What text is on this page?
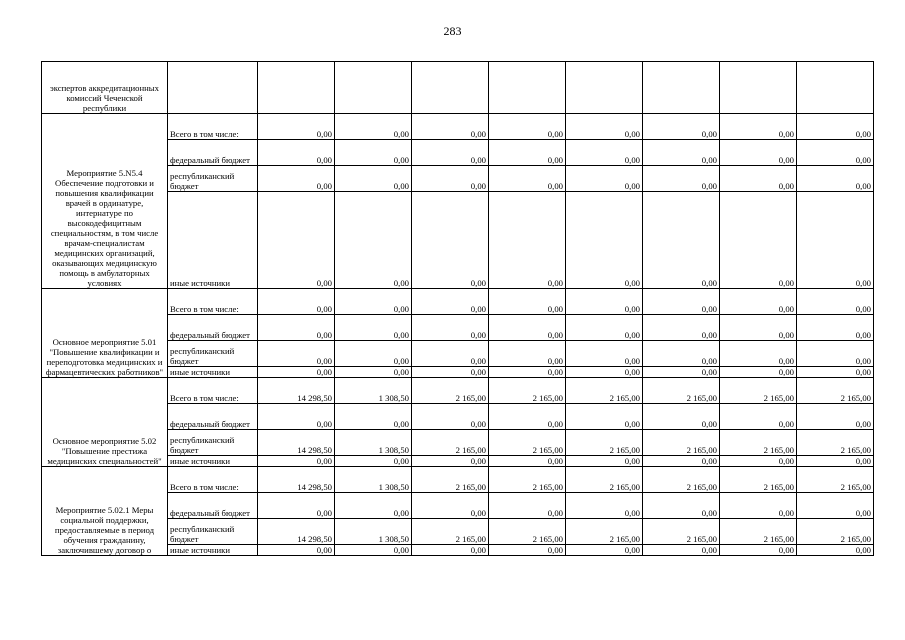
283
экспертов аккредитационных комиссий Чеченской республики									
Мероприятие 5.N5.4 Обеспечение подготовки и повышения квалификации врачей в ординатуре, интернатуре по высокодефицитным специальностям, в том числе врачам-специалистам медицинских организаций, оказывающих медицинскую помощь в амбулаторных условиях	Всего в том числе:	0,00	0,00	0,00	0,00	0,00	0,00	0,00	0,00
	федеральный бюджет	0,00	0,00	0,00	0,00	0,00	0,00	0,00	0,00
	республиканский бюджет	0,00	0,00	0,00	0,00	0,00	0,00	0,00	0,00
	иные источники	0,00	0,00	0,00	0,00	0,00	0,00	0,00	0,00
Основное мероприятие 5.01 "Повышение квалификации и переподготовка медицинских и фармацевтических работников"	Всего в том числе:	0,00	0,00	0,00	0,00	0,00	0,00	0,00	0,00
	федеральный бюджет	0,00	0,00	0,00	0,00	0,00	0,00	0,00	0,00
	республиканский бюджет	0,00	0,00	0,00	0,00	0,00	0,00	0,00	0,00
	иные источники	0,00	0,00	0,00	0,00	0,00	0,00	0,00	0,00
Основное мероприятие 5.02 "Повышение престижа медицинских специальностей"	Всего в том числе:	14 298,50	1 308,50	2 165,00	2 165,00	2 165,00	2 165,00	2 165,00	2 165,00
	федеральный бюджет	0,00	0,00	0,00	0,00	0,00	0,00	0,00	0,00
	республиканский бюджет	14 298,50	1 308,50	2 165,00	2 165,00	2 165,00	2 165,00	2 165,00	2 165,00
	иные источники	0,00	0,00	0,00	0,00	0,00	0,00	0,00	0,00
Мероприятие 5.02.1 Меры социальной поддержки, предоставляемые в период обучения гражданину, заключившему договор о	Всего в том числе:	14 298,50	1 308,50	2 165,00	2 165,00	2 165,00	2 165,00	2 165,00	2 165,00
	федеральный бюджет	0,00	0,00	0,00	0,00	0,00	0,00	0,00	0,00
	республиканский бюджет	14 298,50	1 308,50	2 165,00	2 165,00	2 165,00	2 165,00	2 165,00	2 165,00
	иные источники	0,00	0,00	0,00	0,00	0,00	0,00	0,00	0,00
